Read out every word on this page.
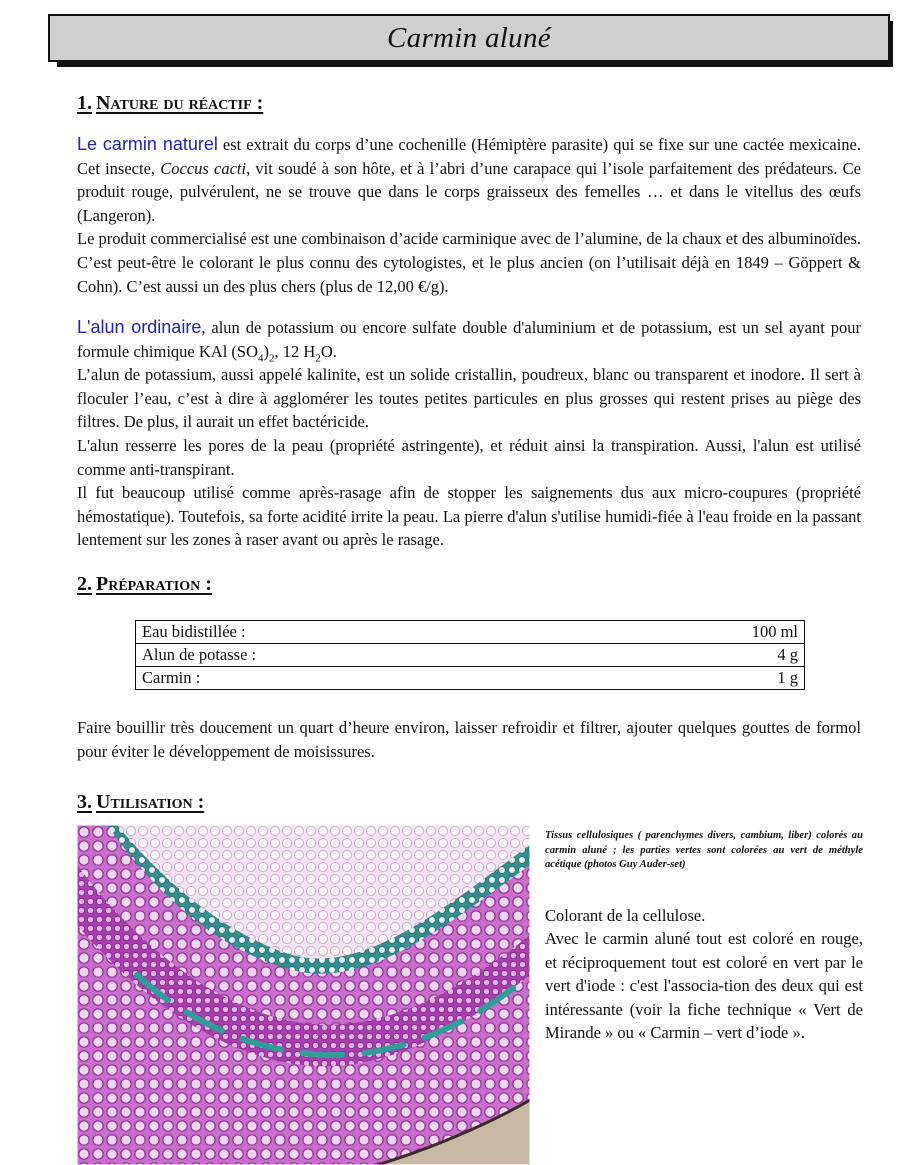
Carmin aluné
1. Nature du réactif :

Le carmin naturel est extrait du corps d’une cochenille (Hémiptère parasite) qui se fixe sur une cactée mexicaine. Cet insecte, Coccus cacti, vit soudé à son hôte, et à l’abri d’une carapace qui l’isole parfaitement des prédateurs. Ce produit rouge, pulvérulent, ne se trouve que dans le corps graisseux des femelles … et dans le vitellus des œufs (Langeron).
Le produit commercialisé est une combinaison d’acide carminique avec de l’alumine, de la chaux et des albuminoïdes. C’est peut-être le colorant le plus connu des cytologistes, et le plus ancien (on l’utilisait déjà en 1849 – Göppert & Cohn). C’est aussi un des plus chers (plus de 12,00 €/g).

L'alun ordinaire, alun de potassium ou encore sulfate double d'aluminium et de potassium, est un sel ayant pour formule chimique KAl $(SO_4)_2$, 12 $H_2O$.
L’alun de potassium, aussi appelé kalinite, est un solide cristallin, poudreux, blanc ou transparent et inodore. Il sert à floculer l’eau, c’est à dire à agglomérer les toutes petites particules en plus grosses qui restent prises au piège des filtres. De plus, il aurait un effet bactéricide.
L'alun resserre les pores de la peau (propriété astringente), et réduit ainsi la transpiration. Aussi, l'alun est utilisé comme anti-transpirant.
Il fut beaucoup utilisé comme après-rasage afin de stopper les saignements dus aux micro-coupures (propriété hémostatique). Toutefois, sa forte acidité irrite la peau. La pierre d'alun s'utilise humidi-fiée à l'eau froide en la passant lentement sur les zones à raser avant ou après le rasage.

2. Préparation :
Eau bidistillée :	100 ml
Alun de potasse :	4 g
Carmin :	1 g

Faire bouillir très doucement un quart d’heure environ, laisser refroidir et filtrer, ajouter quelques gouttes de formol pour éviter le développement de moisissures.

3. Utilisation :

Tissus cellulosiques ( parenchymes divers, cambium, liber) colorés au carmin aluné ; les parties vertes sont colorées au vert de méthyle acétique (photos Guy Auder-set)

Colorant de la cellulose.
Avec le carmin aluné tout est coloré en rouge, et réciproquement tout est coloré en vert par le vert d'iode : c'est l'associa-tion des deux qui est intéressante (voir la fiche technique « Vert de Mirande » ou « Carmin – vert d’iode ».
